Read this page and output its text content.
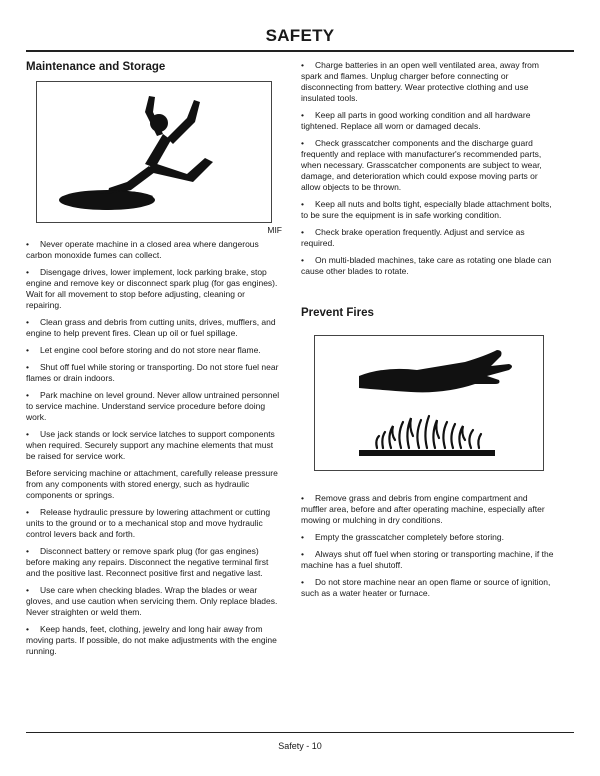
SAFETY
Maintenance and Storage
MIF

• Never operate machine in a closed area where dangerous carbon monoxide fumes can collect.

• Disengage drives, lower implement, lock parking brake, stop engine and remove key or disconnect spark plug (for gas engines). Wait for all movement to stop before adjusting, cleaning or repairing.

• Clean grass and debris from cutting units, drives, mufflers, and engine to help prevent fires. Clean up oil or fuel spillage.

• Let engine cool before storing and do not store near flame.

• Shut off fuel while storing or transporting. Do not store fuel near flames or drain indoors.

• Park machine on level ground. Never allow untrained personnel to service machine. Understand service procedure before doing work.

• Use jack stands or lock service latches to support components when required. Securely support any machine elements that must be raised for service work.

Before servicing machine or attachment, carefully release pressure from any components with stored energy, such as hydraulic components or springs.

• Release hydraulic pressure by lowering attachment or cutting units to the ground or to a mechanical stop and move hydraulic control levers back and forth.

• Disconnect battery or remove spark plug (for gas engines) before making any repairs. Disconnect the negative terminal first and the positive last. Reconnect positive first and negative last.

• Use care when checking blades. Wrap the blades or wear gloves, and use caution when servicing them. Only replace blades. Never straighten or weld them.

• Keep hands, feet, clothing, jewelry and long hair away from moving parts. If possible, do not make adjustments with the engine running.

• Charge batteries in an open well ventilated area, away from spark and flames. Unplug charger before connecting or disconnecting from battery. Wear protective clothing and use insulated tools.

• Keep all parts in good working condition and all hardware tightened. Replace all worn or damaged decals.

• Check grasscatcher components and the discharge guard frequently and replace with manufacturer's recommended parts, when necessary. Grasscatcher components are subject to wear, damage, and deterioration which could expose moving parts or allow objects to be thrown.

• Keep all nuts and bolts tight, especially blade attachment bolts, to be sure the equipment is in safe working condition.

• Check brake operation frequently. Adjust and service as required.

• On multi-bladed machines, take care as rotating one blade can cause other blades to rotate.

Prevent Fires

• Remove grass and debris from engine compartment and muffler area, before and after operating machine, especially after mowing or mulching in dry conditions.

• Empty the grasscatcher completely before storing.

• Always shut off fuel when storing or transporting machine, if the machine has a fuel shutoff.

• Do not store machine near an open flame or source of ignition, such as a water heater or furnace.

Safety - 10
